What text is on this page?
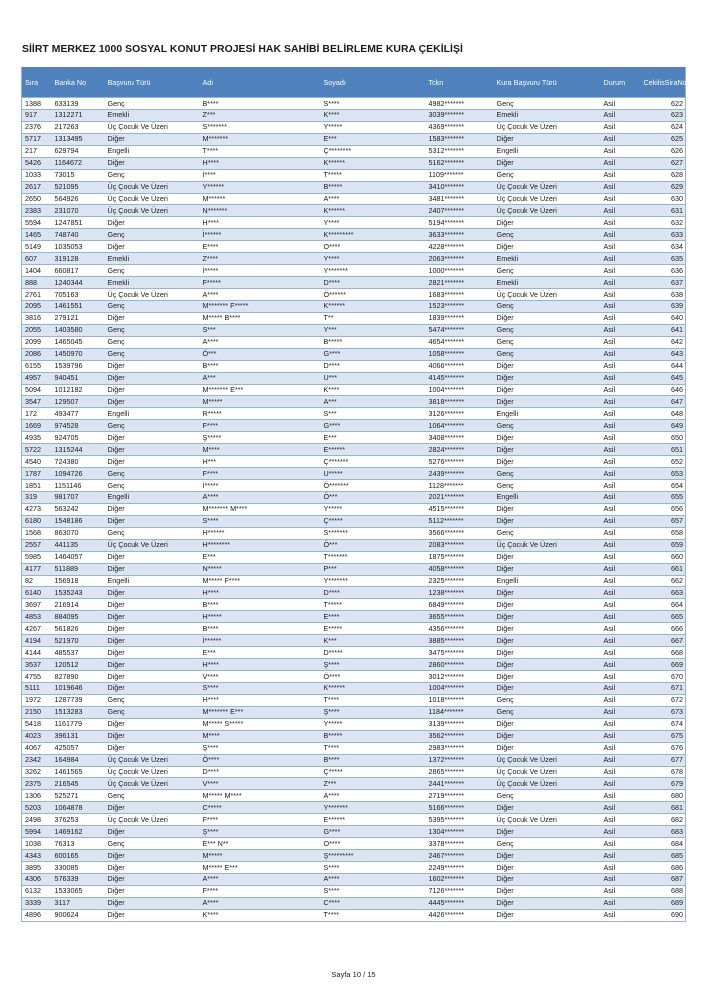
SİİRT MERKEZ 1000 SOSYAL KONUT PROJESİ HAK SAHİBİ BELİRLEME KURA ÇEKİLİŞİ
Sıra	Banka No	Başvuru Türü	Adı	Soyadı	Tckn	Kura Başvuru Türü	Durum	CekilisSiraNo
1388	633139	Genç	B****	S****	4982*******	Genç	Asil	622
917	1312271	Emekli	Z***	K****	3039*******	Emekli	Asil	623
2376	217263	Üç Çocuk Ve Üzeri	S*******	Y*****	4369*******	Üç Çocuk Ve Üzeri	Asil	624
5717	1313495	Diğer	M*******	E***	1583*******	Diğer	Asil	625
217	629794	Engelli	T****	Ç********	5312*******	Engelli	Asil	626
5426	1164672	Diğer	H****	K******	5162*******	Diğer	Asil	627
1033	73015	Genç	İ****	T*****	1109*******	Genç	Asil	628
2617	521095	Üç Çocuk Ve Üzeri	Y******	B*****	3410*******	Üç Çocuk Ve Üzeri	Asil	629
2650	564926	Üç Çocuk Ve Üzeri	M******	A****	3481*******	Üç Çocuk Ve Üzeri	Asil	630
2383	231070	Üç Çocuk Ve Üzeri	N*******	K******	2407*******	Üç Çocuk Ve Üzeri	Asil	631
5594	1247851	Diğer	H****	Y****	5194*******	Diğer	Asil	632
1465	748740	Genç	İ******	K*********	3633*******	Genç	Asil	633
5149	1035053	Diğer	E****	O****	4228*******	Diğer	Asil	634
607	319128	Emekli	Z****	Y****	2063*******	Emekli	Asil	635
1404	660817	Genç	İ*****	Y*******	1000*******	Genç	Asil	636
888	1240344	Emekli	F*****	D****	2821*******	Emekli	Asil	637
2761	705163	Üç Çocuk Ve Üzeri	A****	Ö******	1683*******	Üç Çocuk Ve Üzeri	Asil	638
2095	1461551	Genç	M******* F*****	K******	1523*******	Genç	Asil	639
3816	279121	Diğer	M***** B****	T**	1839*******	Diğer	Asil	640
2055	1403580	Genç	S***	Y***	5474*******	Genç	Asil	641
2099	1465045	Genç	A****	B*****	4654*******	Genç	Asil	642
2086	1450970	Genç	Ö***	G****	1058*******	Genç	Asil	643
6155	1539796	Diğer	B****	D****	4066*******	Diğer	Asil	644
4957	940451	Diğer	A***	U***	4145*******	Diğer	Asil	645
5094	1012182	Diğer	M******* E***	K****	1004*******	Diğer	Asil	646
3547	129507	Diğer	M*****	A***	3818*******	Diğer	Asil	647
172	493477	Engelli	R*****	S***	3126*******	Engelli	Asil	648
1669	974528	Genç	F****	G****	1064*******	Genç	Asil	649
4935	924705	Diğer	Ş*****	E***	3408*******	Diğer	Asil	650
5722	1315244	Diğer	M****	E******	2824*******	Diğer	Asil	651
4540	724380	Diğer	H***	Ç*******	5276*******	Diğer	Asil	652
1787	1094726	Genç	F****	U*****	2439*******	Genç	Asil	653
1851	1151146	Genç	İ*****	Ö*******	1128*******	Genç	Asil	654
319	981707	Engelli	A****	Ö***	2021*******	Engelli	Asil	655
4273	563242	Diğer	M******* M****	Y*****	4515*******	Diğer	Asil	656
6180	1548186	Diğer	S****	Ç*****	5112*******	Diğer	Asil	657
1568	863070	Genç	H******	S*******	3566*******	Genç	Asil	658
2557	441135	Üç Çocuk Ve Üzeri	H********	Ö***	2083*******	Üç Çocuk Ve Üzeri	Asil	659
5985	1464057	Diğer	E***	T*******	1875*******	Diğer	Asil	660
4177	511889	Diğer	N*****	P***	4058*******	Diğer	Asil	661
82	156918	Engelli	M***** F****	Y*******	2325*******	Engelli	Asil	662
6140	1535243	Diğer	H****	D****	1238*******	Diğer	Asil	663
3697	216914	Diğer	B****	T*****	6849*******	Diğer	Asil	664
4853	884095	Diğer	H*****	E****	3655*******	Diğer	Asil	665
4267	561826	Diğer	B****	E*****	4356*******	Diğer	Asil	666
4194	521970	Diğer	İ******	K***	3885*******	Diğer	Asil	667
4144	485537	Diğer	E***	D*****	3475*******	Diğer	Asil	668
3537	120512	Diğer	H****	Ş****	2860*******	Diğer	Asil	669
4755	827890	Diğer	V****	Ö****	3012*******	Diğer	Asil	670
5111	1019646	Diğer	S****	K******	1004*******	Diğer	Asil	671
1972	1287739	Genç	H****	T****	1018*******	Genç	Asil	672
2150	1513283	Genç	M******* E***	Ş****	1184*******	Genç	Asil	673
5418	1161779	Diğer	M***** S*****	Y*****	3139*******	Diğer	Asil	674
4023	396131	Diğer	M****	B*****	3562*******	Diğer	Asil	675
4067	425057	Diğer	Ş****	T****	2983*******	Diğer	Asil	676
2342	164984	Üç Çocuk Ve Üzeri	Ö****	B****	1372*******	Üç Çocuk Ve Üzeri	Asil	677
3262	1461565	Üç Çocuk Ve Üzeri	D****	Ç*****	2865*******	Üç Çocuk Ve Üzeri	Asil	678
2375	216545	Üç Çocuk Ve Üzeri	V****	Z***	2441*******	Üç Çocuk Ve Üzeri	Asil	679
1306	525271	Genç	M***** M****	A****	2719*******	Genç	Asil	680
5203	1064878	Diğer	C*****	Y*******	5166*******	Diğer	Asil	681
2498	376253	Üç Çocuk Ve Üzeri	F****	E******	5395*******	Üç Çocuk Ve Üzeri	Asil	682
5994	1469162	Diğer	Ş****	G****	1304*******	Diğer	Asil	683
1038	76313	Genç	E*** N**	O****	3378*******	Genç	Asil	684
4343	600165	Diğer	M*****	Ş*********	2467*******	Diğer	Asil	685
3895	330085	Diğer	M***** E***	S****	2249*******	Diğer	Asil	686
4306	576339	Diğer	A****	A****	1602*******	Diğer	Asil	687
6132	1533065	Diğer	F****	S****	7126*******	Diğer	Asil	688
3339	3117	Diğer	A****	C****	4445*******	Diğer	Asil	689
4896	900624	Diğer	K****	T****	4426*******	Diğer	Asil	690
Sayfa 10 / 15
